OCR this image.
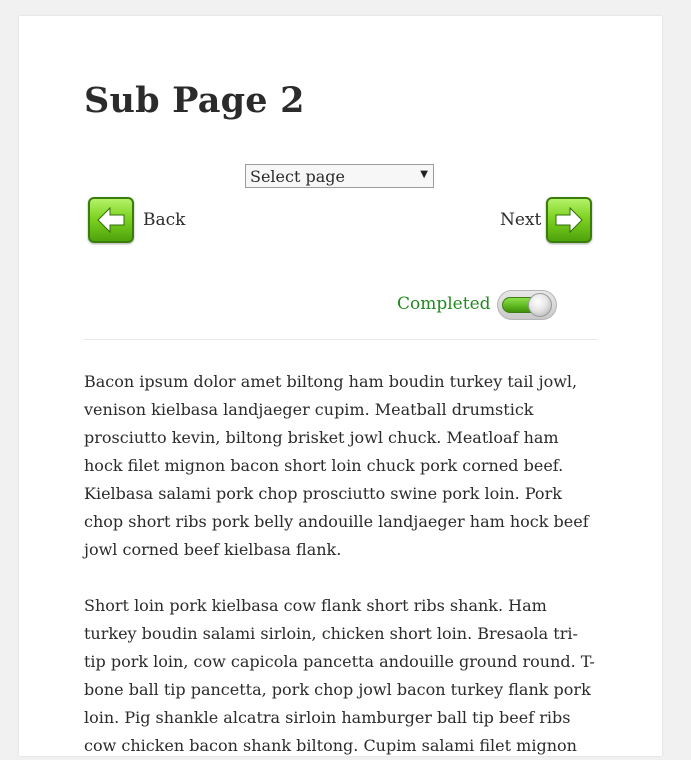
Sub Page 2
Select page	▼
Back	Next
Completed

Bacon ipsum dolor amet biltong ham boudin turkey tail jowl, venison kielbasa landjaeger cupim. Meatball drumstick prosciutto kevin, biltong brisket jowl chuck. Meatloaf ham hock filet mignon bacon short loin chuck pork corned beef. Kielbasa salami pork chop prosciutto swine pork loin. Pork chop short ribs pork belly andouille landjaeger ham hock beef jowl corned beef kielbasa flank.

Short loin pork kielbasa cow flank short ribs shank. Ham turkey boudin salami sirloin, chicken short loin. Bresaola tri-tip pork loin, cow capicola pancetta andouille ground round. T-bone ball tip pancetta, pork chop jowl bacon turkey flank pork loin. Pig shankle alcatra sirloin hamburger ball tip beef ribs cow chicken bacon shank biltong. Cupim salami filet mignon
